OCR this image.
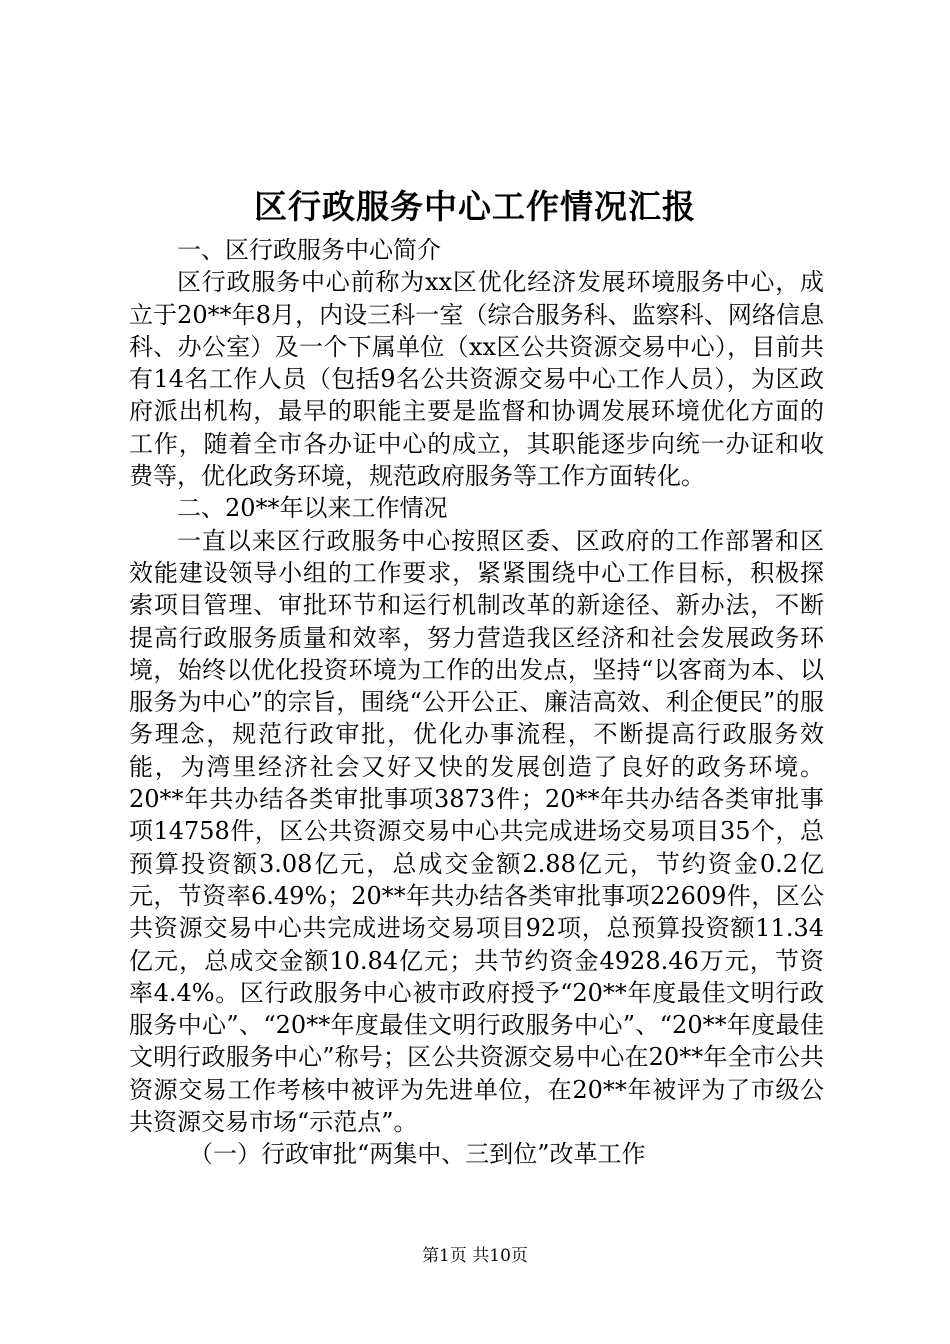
区行政服务中心工作情况汇报

一、区行政服务中心简介

区行政服务中心前称为xx区优化经济发展环境服务中心，成立于20**年8月，内设三科一室（综合服务科、监察科、网络信息科、办公室）及一个下属单位（xx区公共资源交易中心），目前共有14名工作人员（包括9名公共资源交易中心工作人员），为区政府派出机构，最早的职能主要是监督和协调发展环境优化方面的工作，随着全市各办证中心的成立，其职能逐步向统一办证和收费等，优化政务环境，规范政府服务等工作方面转化。

二、20**年以来工作情况

一直以来区行政服务中心按照区委、区政府的工作部署和区效能建设领导小组的工作要求，紧紧围绕中心工作目标，积极探索项目管理、审批环节和运行机制改革的新途径、新办法，不断提高行政服务质量和效率，努力营造我区经济和社会发展政务环境，始终以优化投资环境为工作的出发点，坚持“以客商为本、以服务为中心”的宗旨，围绕“公开公正、廉洁高效、利企便民”的服务理念，规范行政审批，优化办事流程，不断提高行政服务效能，为湾里经济社会又好又快的发展创造了良好的政务环境。20**年共办结各类审批事项3873件；20**年共办结各类审批事项14758件，区公共资源交易中心共完成进场交易项目35个，总预算投资额3.08亿元，总成交金额2.88亿元，节约资金0.2亿元，节资率6.49%；20**年共办结各类审批事项22609件，区公共资源交易中心共完成进场交易项目92项，总预算投资额11.34亿元，总成交金额10.84亿元；共节约资金4928.46万元，节资率4.4%。区行政服务中心被市政府授予“20**年度最佳文明行政服务中心”、“20**年度最佳文明行政服务中心”、“20**年度最佳文明行政服务中心”称号；区公共资源交易中心在20**年全市公共资源交易工作考核中被评为先进单位，在20**年被评为了市级公共资源交易市场“示范点”。

（一）行政审批“两集中、三到位”改革工作

第1页 共10页
